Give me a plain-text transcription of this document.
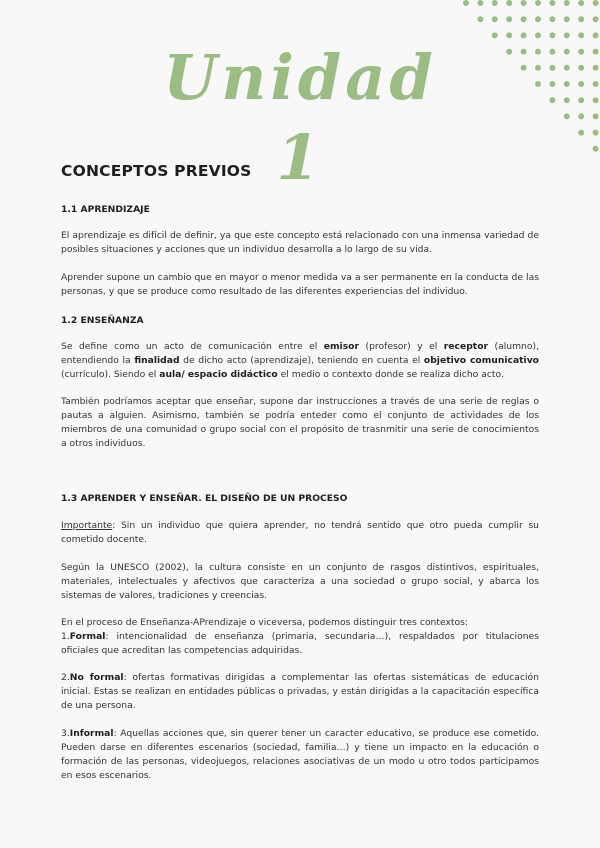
Unidad 1
CONCEPTOS PREVIOS
1.1 APRENDIZAJE
El aprendizaje es difícil de definir, ya que este concepto está relacionado con una inmensa variedad de posibles situaciones y acciones que un individuo desarrolla a lo largo de su vida.
Aprender supone un cambio que en mayor o menor medida va a ser permanente en la conducta de las personas, y que se produce como resultado de las diferentes experiencias del individuo.
1.2 ENSEÑANZA
Se define como un acto de comunicación entre el emisor (profesor) y el receptor (alumno), entendiendo la finalidad de dicho acto (aprendizaje), teniendo en cuenta el objetivo comunicativo (currículo). Siendo el aula/ espacio didáctico el medio o contexto donde se realiza dicho acto.
También podríamos aceptar que enseñar, supone dar instrucciones a través de una serie de reglas o pautas a alguien. Asimismo, también se podría enteder como el conjunto de actividades de los miembros de una comunidad o grupo social con el propósito de trasnmitir una serie de conocimientos a otros individuos.
1.3 APRENDER Y ENSEÑAR. EL DISEÑO DE UN PROCESO
Importante: Sin un individuo que quiera aprender, no tendrá sentido que otro pueda cumplir su cometido docente.
Según la UNESCO (2002), la cultura consiste en un conjunto de rasgos distintivos, espirituales, materiales, intelectuales y afectivos que caracteriza a una sociedad o grupo social, y abarca los sistemas de valores, tradiciones y creencias.
En el proceso de Enseñanza-APrendizaje o viceversa, podemos distinguir tres contextos:
1.Formal: intencionalidad de enseñanza (primaria, secundaria…), respaldados por titulaciones oficiales que acreditan las competencias adquiridas.
2.No formal: ofertas formativas dirigidas a complementar las ofertas sistemáticas de educación inicial. Estas se realizan en entidades públicas o privadas, y están dirigidas a la capacitación específica de una persona.
3.Informal: Aquellas acciones que, sin querer tener un caracter educativo, se produce ese cometido. Pueden darse en diferentes escenarios (sociedad, familia…) y tiene un impacto en la educación o formación de las personas, videojuegos, relaciones asociativas de un modo u otro todos participamos en esos escenarios.
